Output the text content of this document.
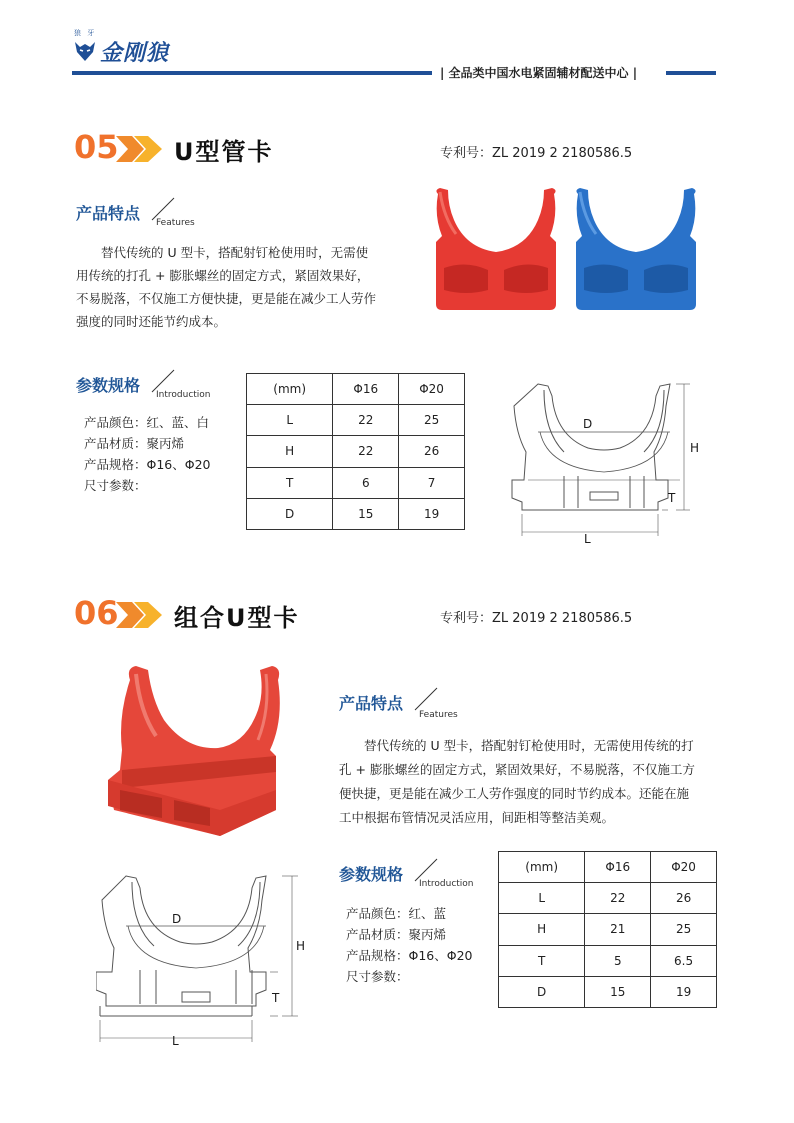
狼 牙
金刚狼
| 全品类中国水电紧固辅材配送中心 |
05 U型管卡	专利号：ZL 2019 2 2180586.5
产品特点 Features
　　替代传统的 U 型卡，搭配射钉枪使用时，无需使
用传统的打孔 + 膨胀螺丝的固定方式，紧固效果好，
不易脱落，不仅施工方便快捷，更是能在减少工人劳作
强度的同时还能节约成本。
参数规格 Introduction
产品颜色：红、蓝、白
产品材质：聚丙烯
产品规格：Φ16、Φ20
尺寸参数：
(mm)	Φ16	Φ20
L	22	25
H	22	26
T	6	7
D	15	19
D
H
T
L
06 组合U型卡	专利号：ZL 2019 2 2180586.5
产品特点
Features
　　替代传统的 U 型卡，搭配射钉枪使用时，无需使用传统的打
孔 + 膨胀螺丝的固定方式，紧固效果好，不易脱落，不仅施工方
便快捷，更是能在减少工人劳作强度的同时节约成本。还能在施
工中根据布管情况灵活应用，间距相等整洁美观。
参数规格 Introduction
产品颜色：红、蓝
产品材质：聚丙烯
产品规格：Φ16、Φ20
尺寸参数：
(mm)	Φ16	Φ20
L	22	26
H	21	25
T	5	6.5
D	15	19
D
H
T
L
